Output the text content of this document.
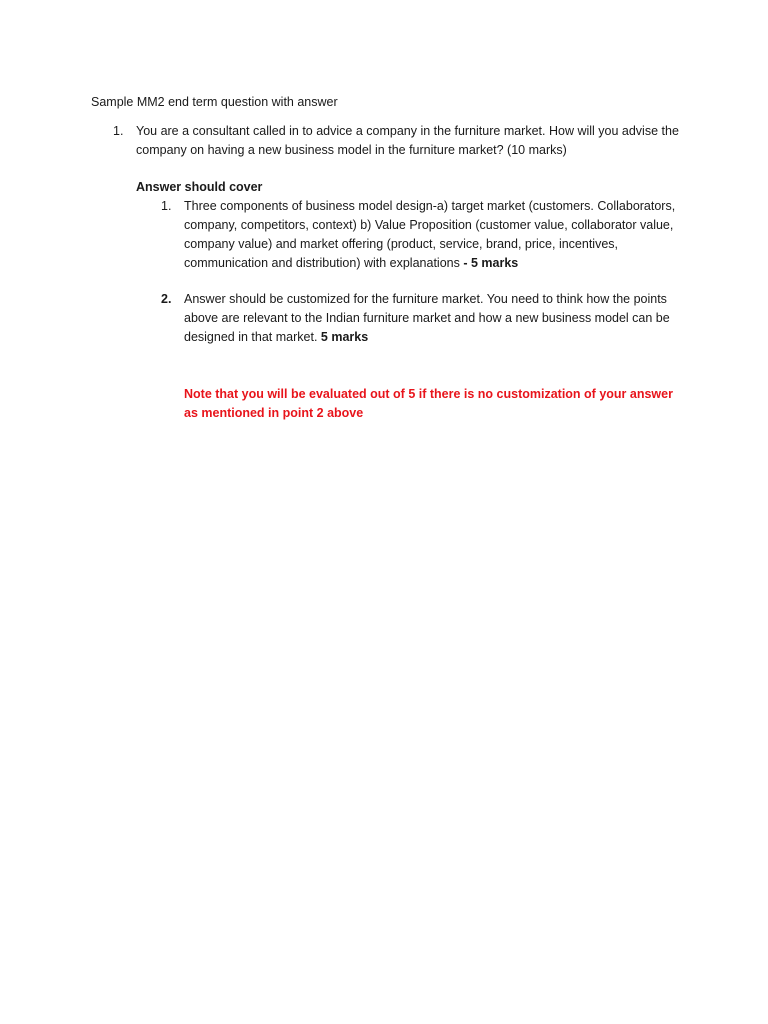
Sample MM2 end term question with answer
1. You are a consultant called in to advice a company in the furniture market. How will you advise the company on having a new business model in the furniture market? (10 marks)
Answer should cover
1. Three components of business model design-a) target market (customers. Collaborators, company, competitors, context) b) Value Proposition (customer value, collaborator value, company value) and market offering (product, service, brand, price, incentives, communication and distribution) with explanations - 5 marks
2. Answer should be customized for the furniture market. You need to think how the points above are relevant to the Indian furniture market and how a new business model can be designed in that market. 5 marks
Note that you will be evaluated out of 5 if there is no customization of your answer as mentioned in point 2 above
